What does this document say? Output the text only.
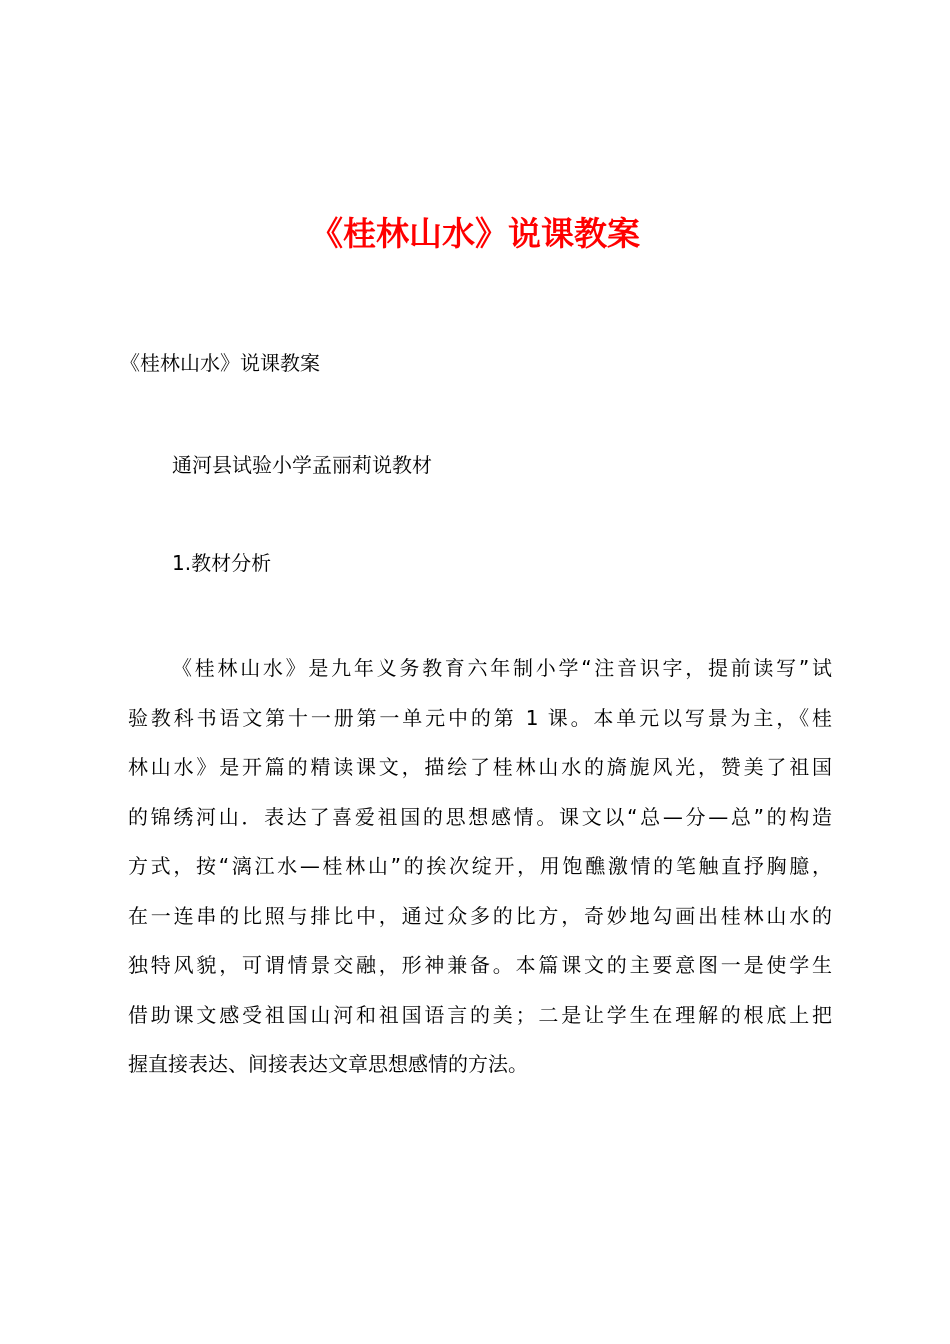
《桂林山水》说课教案

《桂林山水》说课教案

通河县试验小学孟丽莉说教材

1.教材分析

《桂林山水》是九年义务教育六年制小学“注音识字，提前读写”试
验教科书语文第十一册第一单元中的第 1 课。本单元以写景为主，《桂
林山水》是开篇的精读课文，描绘了桂林山水的旖旎风光，赞美了祖国
的锦绣河山．表达了喜爱祖国的思想感情。课文以“总—分—总”的构造
方式，按“漓江水—桂林山”的挨次绽开，用饱醮激情的笔触直抒胸臆，
在一连串的比照与排比中，通过众多的比方，奇妙地勾画出桂林山水的
独特风貌，可谓情景交融，形神兼备。本篇课文的主要意图一是使学生
借助课文感受祖国山河和祖国语言的美；二是让学生在理解的根底上把
握直接表达、间接表达文章思想感情的方法。
